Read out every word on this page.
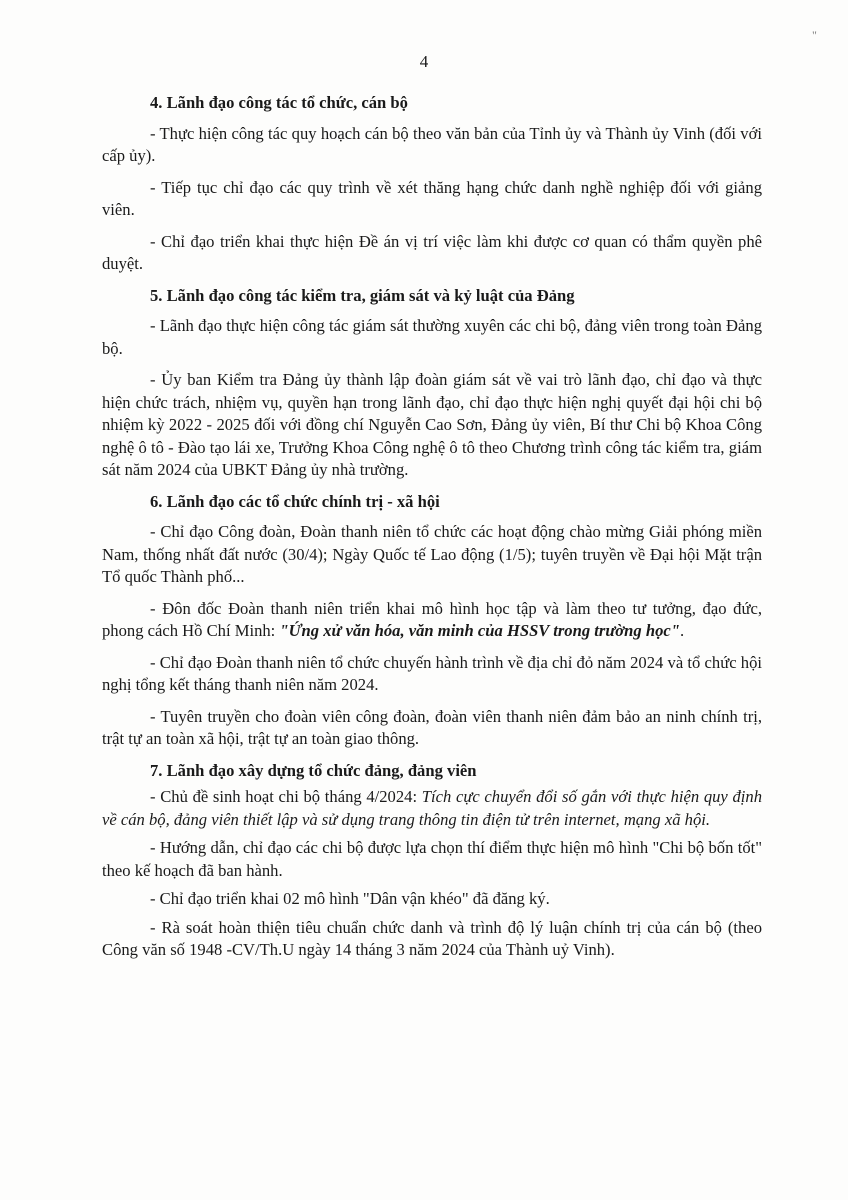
"
4

4. Lãnh đạo công tác tổ chức, cán bộ

- Thực hiện công tác quy hoạch cán bộ theo văn bản của Tỉnh ủy và Thành ủy Vinh (đối với cấp ủy).

- Tiếp tục chỉ đạo các quy trình về xét thăng hạng chức danh nghề nghiệp đối với giảng viên.

- Chỉ đạo triển khai thực hiện Đề án vị trí việc làm khi được cơ quan có thẩm quyền phê duyệt.

5. Lãnh đạo công tác kiểm tra, giám sát và kỷ luật của Đảng

- Lãnh đạo thực hiện công tác giám sát thường xuyên các chi bộ, đảng viên trong toàn Đảng bộ.

- Ủy ban Kiểm tra Đảng ủy thành lập đoàn giám sát về vai trò lãnh đạo, chỉ đạo và thực hiện chức trách, nhiệm vụ, quyền hạn trong lãnh đạo, chỉ đạo thực hiện nghị quyết đại hội chi bộ nhiệm kỳ 2022 - 2025 đối với đồng chí Nguyễn Cao Sơn, Đảng ủy viên, Bí thư Chi bộ Khoa Công nghệ ô tô - Đào tạo lái xe, Trưởng Khoa Công nghệ ô tô theo Chương trình công tác kiểm tra, giám sát năm 2024 của UBKT Đảng ủy nhà trường.

6. Lãnh đạo các tổ chức chính trị - xã hội

- Chỉ đạo Công đoàn, Đoàn thanh niên tổ chức các hoạt động chào mừng Giải phóng miền Nam, thống nhất đất nước (30/4); Ngày Quốc tế Lao động (1/5); tuyên truyền về Đại hội Mặt trận Tổ quốc Thành phố...

- Đôn đốc Đoàn thanh niên triển khai mô hình học tập và làm theo tư tưởng, đạo đức, phong cách Hồ Chí Minh: "Ứng xử văn hóa, văn minh của HSSV trong trường học".

- Chỉ đạo Đoàn thanh niên tổ chức chuyến hành trình về địa chỉ đỏ năm 2024 và tổ chức hội nghị tổng kết tháng thanh niên năm 2024.

- Tuyên truyền cho đoàn viên công đoàn, đoàn viên thanh niên đảm bảo an ninh chính trị, trật tự an toàn xã hội, trật tự an toàn giao thông.

7. Lãnh đạo xây dựng tổ chức đảng, đảng viên

- Chủ đề sinh hoạt chi bộ tháng 4/2024: Tích cực chuyển đổi số gắn với thực hiện quy định về cán bộ, đảng viên thiết lập và sử dụng trang thông tin điện tử trên internet, mạng xã hội.

- Hướng dẫn, chỉ đạo các chi bộ được lựa chọn thí điểm thực hiện mô hình "Chi bộ bốn tốt" theo kế hoạch đã ban hành.

- Chỉ đạo triển khai 02 mô hình "Dân vận khéo" đã đăng ký.

- Rà soát hoàn thiện tiêu chuẩn chức danh và trình độ lý luận chính trị của cán bộ (theo Công văn số 1948 -CV/Th.U ngày 14 tháng 3 năm 2024 của Thành uỷ Vinh).
